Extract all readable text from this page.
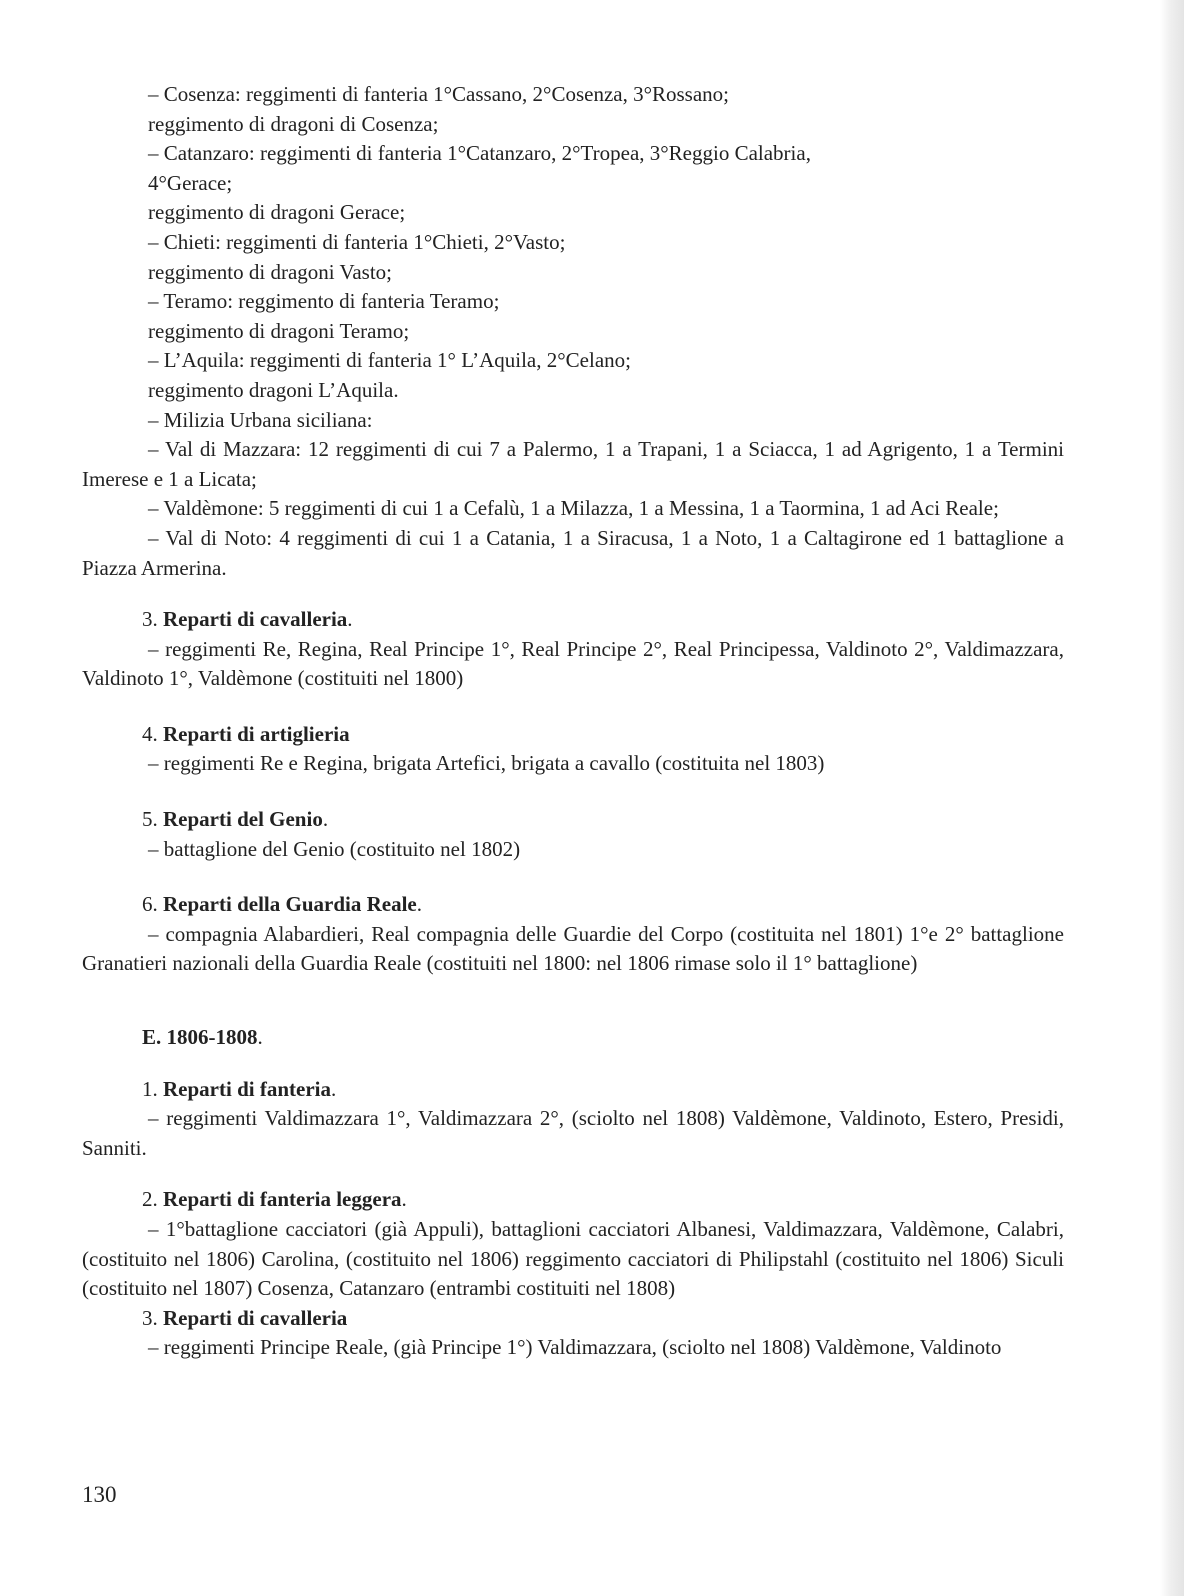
– Cosenza: reggimenti di fanteria 1°Cassano, 2°Cosenza, 3°Rossano;

reggimento di dragoni di Cosenza;

– Catanzaro: reggimenti di fanteria 1°Catanzaro, 2°Tropea, 3°Reggio Calabria,

4°Gerace;

reggimento di dragoni Gerace;

– Chieti: reggimenti di fanteria 1°Chieti, 2°Vasto;

reggimento di dragoni Vasto;

– Teramo: reggimento di fanteria Teramo;

reggimento di dragoni Teramo;

– L’Aquila: reggimenti di fanteria 1° L’Aquila, 2°Celano;

reggimento dragoni L’Aquila.

– Milizia Urbana siciliana:

– Val di Mazzara: 12 reggimenti di cui 7 a Palermo, 1 a Trapani, 1 a Sciacca, 1 ad Agrigento, 1 a Termini Imerese e 1 a Licata;

– Valdèmone: 5 reggimenti di cui 1 a Cefalù, 1 a Milazza, 1 a Messina, 1 a Taormina, 1 ad Aci Reale;

– Val di Noto: 4 reggimenti di cui 1 a Catania, 1 a Siracusa, 1 a Noto, 1 a Caltagirone ed 1 battaglione a Piazza Armerina.

3. Reparti di cavalleria.

– reggimenti Re, Regina, Real Principe 1°, Real Principe 2°, Real Principessa, Valdinoto 2°, Valdimazzara, Valdinoto 1°, Valdèmone (costituiti nel 1800)

4. Reparti di artiglieria

– reggimenti Re e Regina, brigata Artefici, brigata a cavallo (costituita nel 1803)

5. Reparti del Genio.

– battaglione del Genio (costituito nel 1802)

6. Reparti della Guardia Reale.

– compagnia Alabardieri, Real compagnia delle Guardie del Corpo (costituita nel 1801) 1°e 2° battaglione Granatieri nazionali della Guardia Reale (costituiti nel 1800: nel 1806 rimase solo il 1° battaglione)

E. 1806-1808.

1. Reparti di fanteria.

– reggimenti Valdimazzara 1°, Valdimazzara 2°, (sciolto nel 1808) Valdèmone, Valdinoto, Estero, Presidi, Sanniti.

2. Reparti di fanteria leggera.

– 1°battaglione cacciatori (già Appuli), battaglioni cacciatori Albanesi, Valdimazzara, Valdèmone, Calabri, (costituito nel 1806) Carolina, (costituito nel 1806) reggimento cacciatori di Philipstahl (costituito nel 1806) Siculi (costituito nel 1807) Cosenza, Catanzaro (entrambi costituiti nel 1808)

3. Reparti di cavalleria

– reggimenti Principe Reale, (già Principe 1°) Valdimazzara, (sciolto nel 1808) Valdèmone, Valdinoto

130
